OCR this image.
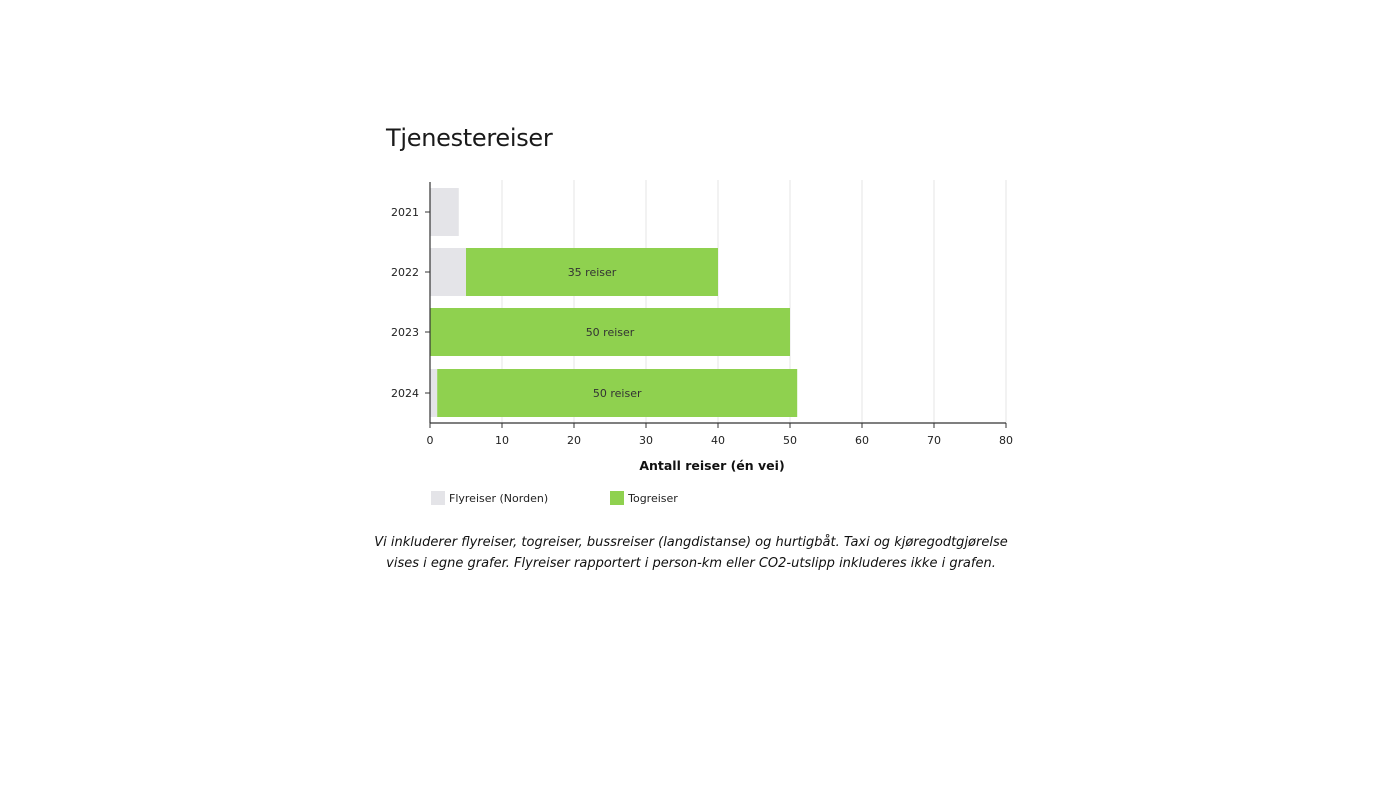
Tjenestereiser
35 reiser
50 reiser
50 reiser
0	10	20	30	40	50	60	70	80
2021
2022
2023
2024
Antall reiser (én vei)
Flyreiser (Norden)	Togreiser
Vi inkluderer flyreiser, togreiser, bussreiser (langdistanse) og hurtigbåt. Taxi og kjøregodtgjørelse
vises i egne grafer. Flyreiser rapportert i person-km eller CO2-utslipp inkluderes ikke i grafen.
